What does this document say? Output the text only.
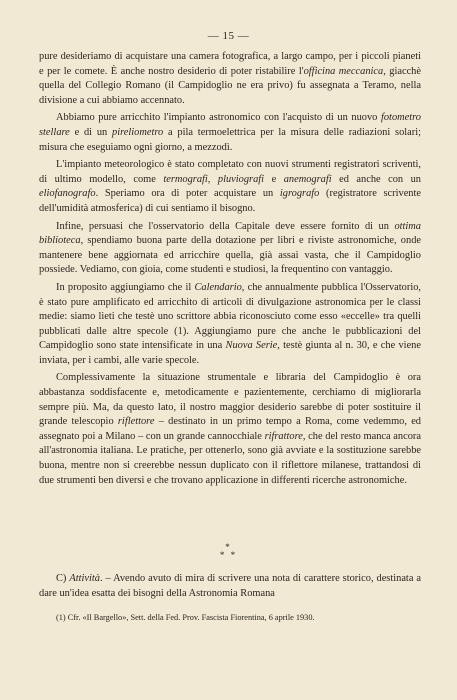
— 15 —

pure desideriamo di acquistare una camera fotografica, a largo campo, per i piccoli pianeti e per le comete. È anche nostro desiderio di poter ristabilire l'officina meccanica, giacchè quella del Collegio Romano (il Campidoglio ne era privo) fu assegnata a Teramo, nella divisione a cui abbiamo accennato.

Abbiamo pure arricchito l'impianto astronomico con l'acquisto di un nuovo fotometro stellare e di un pireliometro a pila termoelettrica per la misura delle radiazioni solari; misura che eseguiamo ogni giorno, a mezzodì.

L'impianto meteorologico è stato completato con nuovi strumenti registratori scriventi, di ultimo modello, come termografi, pluviografi e anemografi ed anche con un eliofanografo. Speriamo ora di poter acquistare un igrografo (registratore scrivente dell'umidità atmosferica) di cui sentiamo il bisogno.

Infine, persuasi che l'osservatorio della Capitale deve essere fornito di un ottima biblioteca, spendiamo buona parte della dotazione per libri e riviste astronomiche, onde mantenere bene aggiornata ed arricchire quella, già assai vasta, che il Campidoglio possiede. Vediamo, con gioia, come studenti e studiosi, la frequentino con vantaggio.

In proposito aggiungiamo che il Calendario, che annualmente pubblica l'Osservatorio, è stato pure amplificato ed arricchito di articoli di divulgazione astronomica per le classi medie: siamo lieti che testè uno scrittore abbia riconosciuto come esso «eccelle» tra quelli pubblicati dalle altre specole (1). Aggiungiamo pure che anche le pubblicazioni del Campidoglio sono state intensificate in una Nuova Serie, testè giunta al n. 30, e che viene inviata, per i cambi, alle varie specole.

Complessivamente la situazione strumentale e libraria del Campidoglio è ora abbastanza soddisfacente e, metodicamente e pazientemente, cerchiamo di migliorarla sempre più. Ma, da questo lato, il nostro maggior desiderio sarebbe di poter sostituire il grande telescopio riflettore – destinato in un primo tempo a Roma, come vedemmo, ed assegnato poi a Milano – con un grande cannocchiale rifrattore, che del resto manca ancora all'astronomia italiana. Le pratiche, per ottenerlo, sono già avviate e la sostituzione sarebbe buona, mentre non si creerebbe nessun duplicato con il riflettore milanese, trattandosi di due strumenti ben diversi e che trovano applicazione in differenti ricerche astronomiche.

*
* *

C) Attività. – Avendo avuto di mira di scrivere una nota di carattere storico, destinata a dare un'idea esatta dei bisogni della Astronomia Romana

(1) Cfr. «Il Bargello», Sett. della Fed. Prov. Fascista Fiorentina, 6 aprile 1930.
